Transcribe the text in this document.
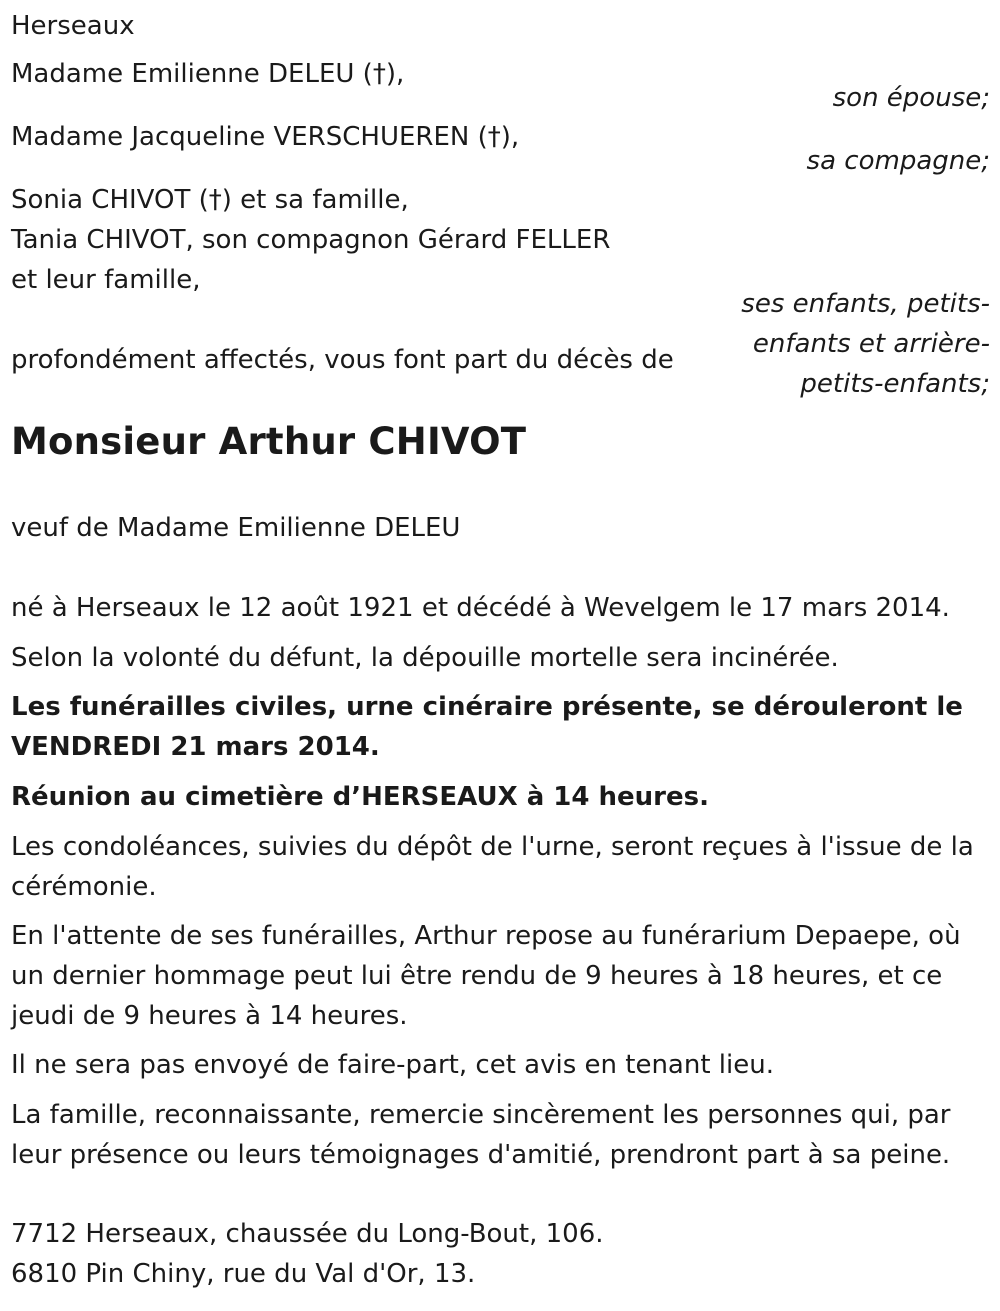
Herseaux
Madame Emilienne DELEU (†),
son épouse;
Madame Jacqueline VERSCHUEREN (†),
sa compagne;
Sonia CHIVOT (†) et sa famille,
Tania CHIVOT, son compagnon Gérard FELLER
et leur famille,
ses enfants, petits-
enfants et arrière-
petits-enfants;
profondément affectés, vous font part du décès de
Monsieur Arthur CHIVOT
veuf de Madame Emilienne DELEU
né à Herseaux le 12 août 1921 et décédé à Wevelgem le 17 mars 2014.
Selon la volonté du défunt, la dépouille mortelle sera incinérée.
Les funérailles civiles, urne cinéraire présente, se dérouleront le
VENDREDI 21 mars 2014.
Réunion au cimetière d’HERSEAUX à 14 heures.
Les condoléances, suivies du dépôt de l'urne, seront reçues à l'issue de la
cérémonie.
En l'attente de ses funérailles, Arthur repose au funérarium Depaepe, où
un dernier hommage peut lui être rendu de 9 heures à 18 heures, et ce
jeudi de 9 heures à 14 heures.
Il ne sera pas envoyé de faire-part, cet avis en tenant lieu.
La famille, reconnaissante, remercie sincèrement les personnes qui, par
leur présence ou leurs témoignages d'amitié, prendront part à sa peine.
7712 Herseaux, chaussée du Long-Bout, 106.
6810 Pin Chiny, rue du Val d'Or, 13.
